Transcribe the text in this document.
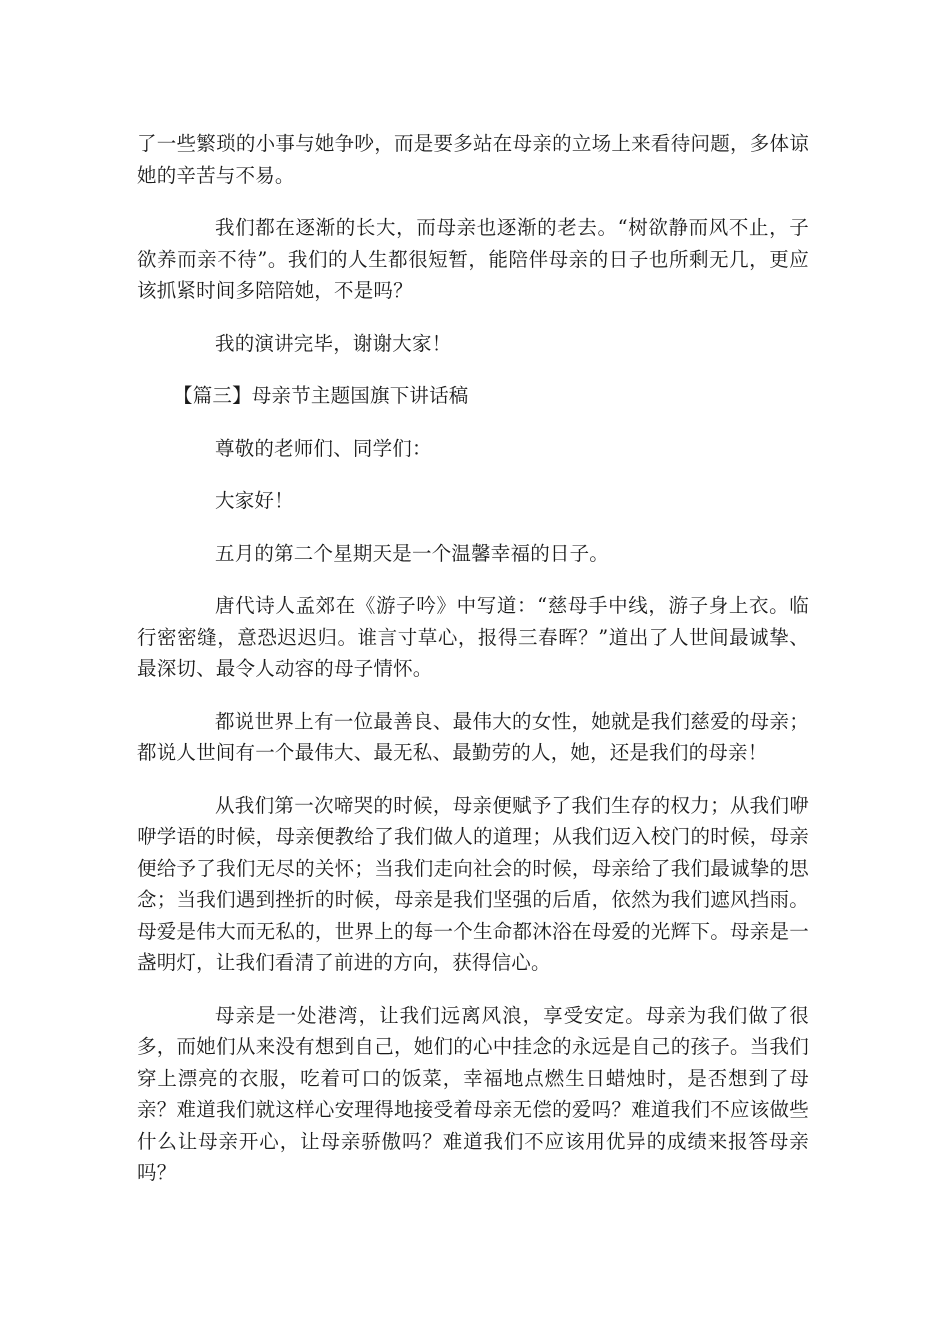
了一些繁琐的小事与她争吵，而是要多站在母亲的立场上来看待问题，多体谅她的辛苦与不易。

我们都在逐渐的长大，而母亲也逐渐的老去。“树欲静而风不止，子欲养而亲不待”。我们的人生都很短暂，能陪伴母亲的日子也所剩无几，更应该抓紧时间多陪陪她，不是吗？

我的演讲完毕，谢谢大家！

【篇三】母亲节主题国旗下讲话稿

尊敬的老师们、同学们：

大家好！

五月的第二个星期天是一个温馨幸福的日子。

唐代诗人孟郊在《游子吟》中写道：“慈母手中线，游子身上衣。临行密密缝，意恐迟迟归。谁言寸草心，报得三春晖？”道出了人世间最诚挚、最深切、最令人动容的母子情怀。

都说世界上有一位最善良、最伟大的女性，她就是我们慈爱的母亲；都说人世间有一个最伟大、最无私、最勤劳的人，她，还是我们的母亲！

从我们第一次啼哭的时候，母亲便赋予了我们生存的权力；从我们咿咿学语的时候，母亲便教给了我们做人的道理；从我们迈入校门的时候，母亲便给予了我们无尽的关怀；当我们走向社会的时候，母亲给了我们最诚挚的思念；当我们遇到挫折的时候，母亲是我们坚强的后盾，依然为我们遮风挡雨。母爱是伟大而无私的，世界上的每一个生命都沐浴在母爱的光辉下。母亲是一盏明灯，让我们看清了前进的方向，获得信心。

母亲是一处港湾，让我们远离风浪，享受安定。母亲为我们做了很多，而她们从来没有想到自己，她们的心中挂念的永远是自己的孩子。当我们穿上漂亮的衣服，吃着可口的饭菜，幸福地点燃生日蜡烛时，是否想到了母亲？难道我们就这样心安理得地接受着母亲无偿的爱吗？难道我们不应该做些什么让母亲开心，让母亲骄傲吗？难道我们不应该用优异的成绩来报答母亲吗？
